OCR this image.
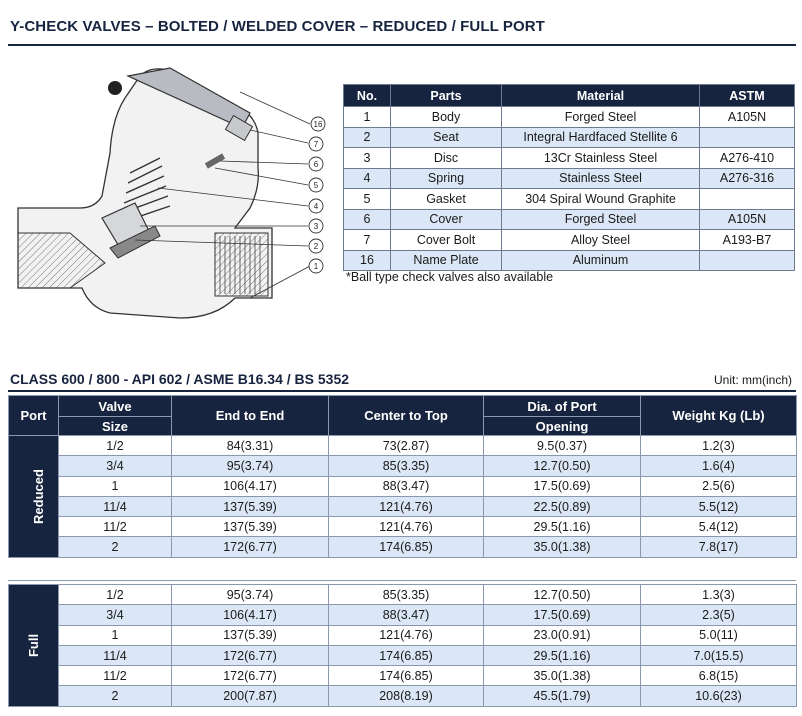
Y-CHECK VALVES – BOLTED / WELDED COVER – REDUCED / FULL PORT
16
7
6
5
4
3
2
1
No.	Parts	Material	ASTM
1	Body	Forged Steel	A105N
2	Seat	Integral Hardfaced Stellite 6	
3	Disc	13Cr Stainless Steel	A276-410
4	Spring	Stainless Steel	A276-316
5	Gasket	304 Spiral Wound Graphite	
6	Cover	Forged Steel	A105N
7	Cover Bolt	Alloy Steel	A193-B7
16	Name Plate	Aluminum	
*Ball type check valves also available
CLASS 600 / 800 - API 602 / ASME B16.34 / BS 5352	Unit: mm(inch)
Port	Valve	End to End	Center to Top	Dia. of Port	Weight Kg (Lb)
	Size			Opening	
Reduced	1/2	84(3.31)	73(2.87)	9.5(0.37)	1.2(3)
	3/4	95(3.74)	85(3.35)	12.7(0.50)	1.6(4)
	1	106(4.17)	88(3.47)	17.5(0.69)	2.5(6)
	11/4	137(5.39)	121(4.76)	22.5(0.89)	5.5(12)
	11/2	137(5.39)	121(4.76)	29.5(1.16)	5.4(12)
	2	172(6.77)	174(6.85)	35.0(1.38)	7.8(17)
Full	1/2	95(3.74)	85(3.35)	12.7(0.50)	1.3(3)
	3/4	106(4.17)	88(3.47)	17.5(0.69)	2.3(5)
	1	137(5.39)	121(4.76)	23.0(0.91)	5.0(11)
	11/4	172(6.77)	174(6.85)	29.5(1.16)	7.0(15.5)
	11/2	172(6.77)	174(6.85)	35.0(1.38)	6.8(15)
	2	200(7.87)	208(8.19)	45.5(1.79)	10.6(23)
